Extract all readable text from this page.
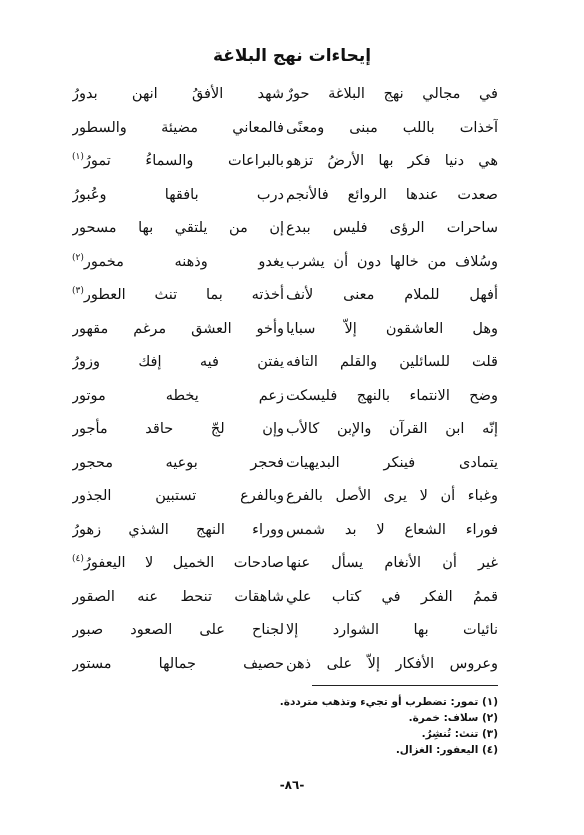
إيحاءات نهج البلاغة
في مجالي نهج البلاغة حورٌ
شهد الأفقُ انهن بدورُ
آخذات باللب مبنى ومعنًى
فالمعاني مضيئة والسطور
هي دنيا فكر بها الأرضُ تزهو
بالبراعات والسماءُ تمورُ$^{(١)}$
صعدت عندها الروائع فالأنجم
درب بافقها وعُبورُ
ساحرات الرؤى فليس ببدع
إن من يلتقي بها مسحور
وسُلاف من خالها دون أن يشرب
يغدو وذهنه مخمور$^{(٢)}$
أفهل للملام معنى لأنف
أخذته بما تنث العطور$^{(٣)}$
وهل العاشقون إلاّ سبايا
وأخو العشق مرغم مقهور
قلت للسائلين والقلم التافه
يفتن فيه إفك وزورُ
وضح الانتماء بالنهج فليسكت
زعم يخطه موتور
إنّه ابن القرآن والإبن كالأب
وإن لجّ حاقد مأجور
يتمادى فينكر البديهيات
فحجر بوعيه محجور
وغباء أن لا يرى الأصل بالفرع
وبالفرع تستبين الجذور
فوراء الشعاع لا بد شمس
ووراء النهج الشذي زهورُ
غير أن الأنغام يسأل عنها
صادحات الخميل لا اليعفورُ$^{(٤)}$
قممُ الفكر في كتاب علي
شاهقات تنحط عنه الصقور
نائيات بها الشوارد إلا
لجناح على الصعود صبور
وعروس الأفكار إلاّ على ذهن
حصيف جمالها مستور
(١) تمور: تضطرب أو تجيء وتذهب مترددة.
(٢) سلاف: خمرة.
(٣) تنث: تُنشِرُ.
(٤) اليعفور: الغزال.
-٨٦-
